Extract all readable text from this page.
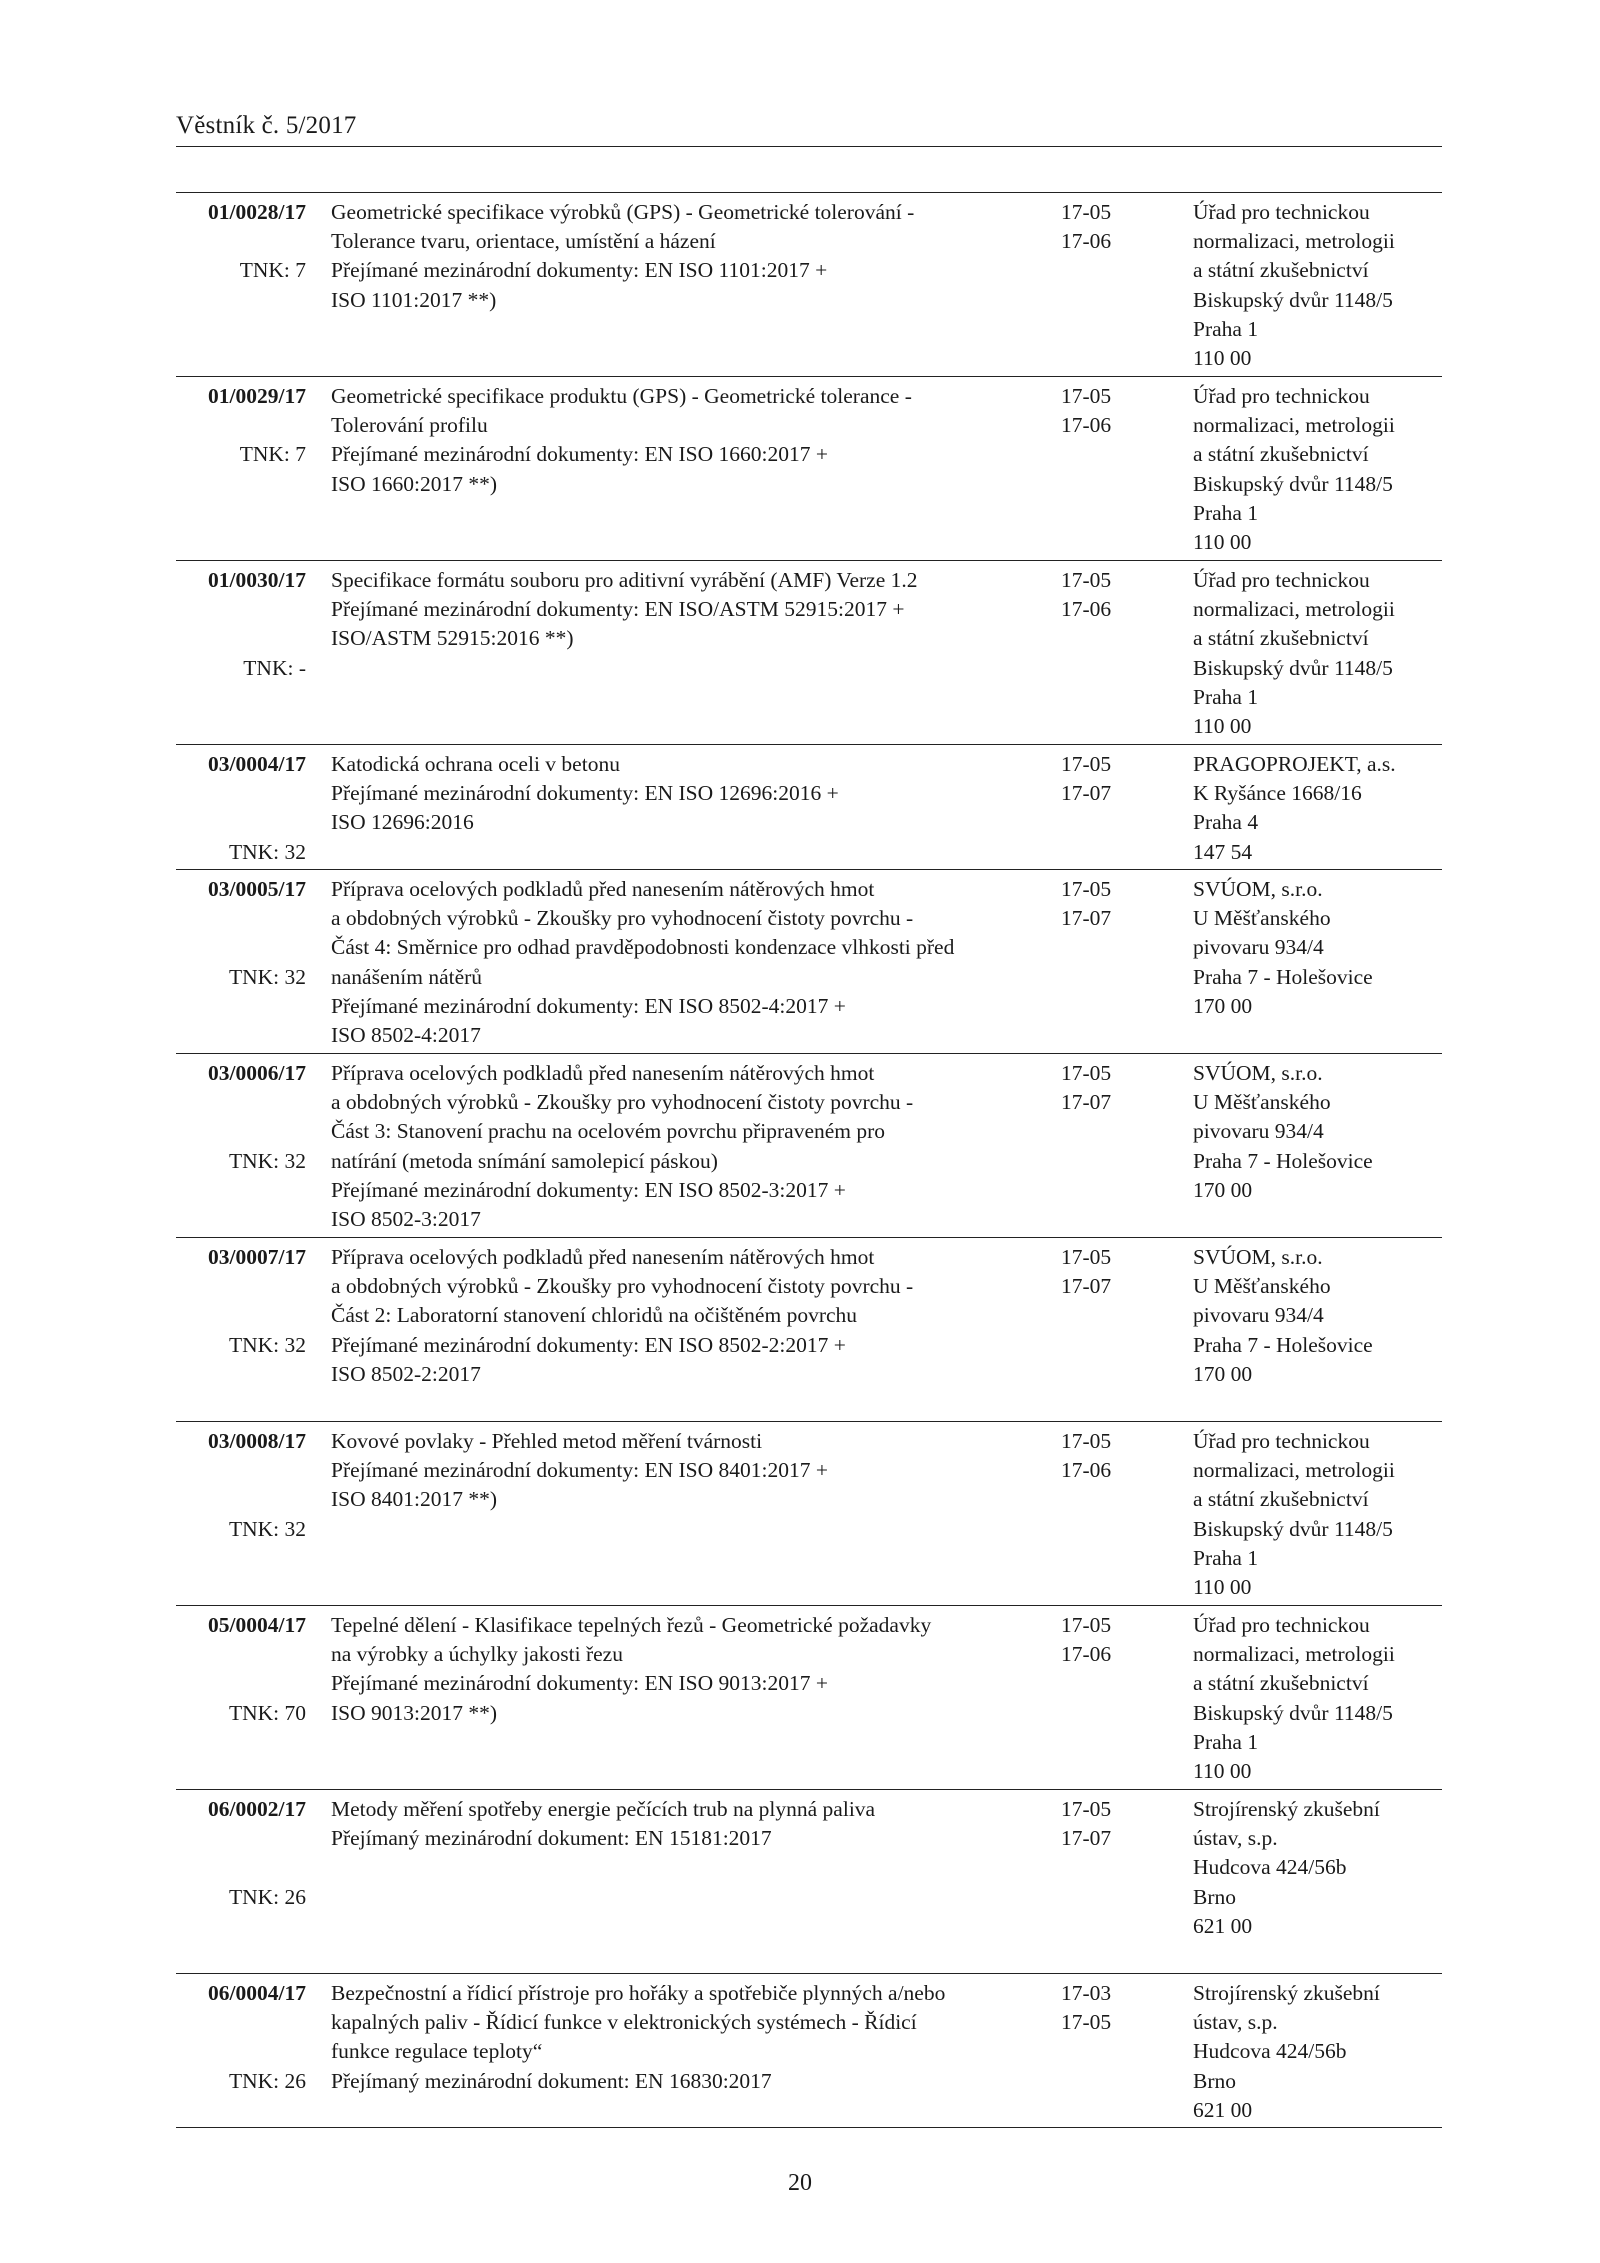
Věstník č. 5/2017
01/0028/17
TNK: 7
Geometrické specifikace výrobků (GPS) - Geometrické tolerování -
Tolerance tvaru, orientace, umístění a házení
Přejímané mezinárodní dokumenty: EN ISO 1101:2017 +
ISO 1101:2017 **)
17-05
17-06
Úřad pro technickou
normalizaci, metrologii
a státní zkušebnictví
Biskupský dvůr 1148/5
Praha 1
110 00
01/0029/17
TNK: 7
Geometrické specifikace produktu (GPS) - Geometrické tolerance -
Tolerování profilu
Přejímané mezinárodní dokumenty: EN ISO 1660:2017 +
ISO 1660:2017 **)
17-05
17-06
Úřad pro technickou
normalizaci, metrologii
a státní zkušebnictví
Biskupský dvůr 1148/5
Praha 1
110 00
01/0030/17
TNK: -
Specifikace formátu souboru pro aditivní vyrábění (AMF) Verze 1.2
Přejímané mezinárodní dokumenty: EN ISO/ASTM 52915:2017 +
ISO/ASTM 52915:2016 **)
17-05
17-06
Úřad pro technickou
normalizaci, metrologii
a státní zkušebnictví
Biskupský dvůr 1148/5
Praha 1
110 00
03/0004/17
TNK: 32
Katodická ochrana oceli v betonu
Přejímané mezinárodní dokumenty: EN ISO 12696:2016 +
ISO 12696:2016
17-05
17-07
PRAGOPROJEKT, a.s.
K Ryšánce 1668/16
Praha 4
147 54
03/0005/17
TNK: 32
Příprava ocelových podkladů před nanesením nátěrových hmot
a obdobných výrobků - Zkoušky pro vyhodnocení čistoty povrchu -
Část 4: Směrnice pro odhad pravděpodobnosti kondenzace vlhkosti před
nanášením nátěrů
Přejímané mezinárodní dokumenty: EN ISO 8502-4:2017 +
ISO 8502-4:2017
17-05
17-07
SVÚOM, s.r.o.
U Měšťanského
pivovaru 934/4
Praha 7 - Holešovice
170 00
03/0006/17
TNK: 32
Příprava ocelových podkladů před nanesením nátěrových hmot
a obdobných výrobků - Zkoušky pro vyhodnocení čistoty povrchu -
Část 3: Stanovení prachu na ocelovém povrchu připraveném pro
natírání (metoda snímání samolepicí páskou)
Přejímané mezinárodní dokumenty: EN ISO 8502-3:2017 +
ISO 8502-3:2017
17-05
17-07
SVÚOM, s.r.o.
U Měšťanského
pivovaru 934/4
Praha 7 - Holešovice
170 00
03/0007/17
TNK: 32
Příprava ocelových podkladů před nanesením nátěrových hmot
a obdobných výrobků - Zkoušky pro vyhodnocení čistoty povrchu -
Část 2: Laboratorní stanovení chloridů na očištěném povrchu
Přejímané mezinárodní dokumenty: EN ISO 8502-2:2017 +
ISO 8502-2:2017
17-05
17-07
SVÚOM, s.r.o.
U Měšťanského
pivovaru 934/4
Praha 7 - Holešovice
170 00
03/0008/17
TNK: 32
Kovové povlaky - Přehled metod měření tvárnosti
Přejímané mezinárodní dokumenty: EN ISO 8401:2017 +
ISO 8401:2017 **)
17-05
17-06
Úřad pro technickou
normalizaci, metrologii
a státní zkušebnictví
Biskupský dvůr 1148/5
Praha 1
110 00
05/0004/17
TNK: 70
Tepelné dělení - Klasifikace tepelných řezů - Geometrické požadavky
na výrobky a úchylky jakosti řezu
Přejímané mezinárodní dokumenty: EN ISO 9013:2017 +
ISO 9013:2017 **)
17-05
17-06
Úřad pro technickou
normalizaci, metrologii
a státní zkušebnictví
Biskupský dvůr 1148/5
Praha 1
110 00
06/0002/17
TNK: 26
Metody měření spotřeby energie pečících trub na plynná paliva
Přejímaný mezinárodní dokument: EN 15181:2017
17-05
17-07
Strojírenský zkušební
ústav, s.p.
Hudcova 424/56b
Brno
621 00
06/0004/17
TNK: 26
Bezpečnostní a řídicí přístroje pro hořáky a spotřebiče plynných a/nebo
kapalných paliv - Řídicí funkce v elektronických systémech - Řídicí
funkce regulace teploty“
Přejímaný mezinárodní dokument: EN 16830:2017
17-03
17-05
Strojírenský zkušební
ústav, s.p.
Hudcova 424/56b
Brno
621 00
20
